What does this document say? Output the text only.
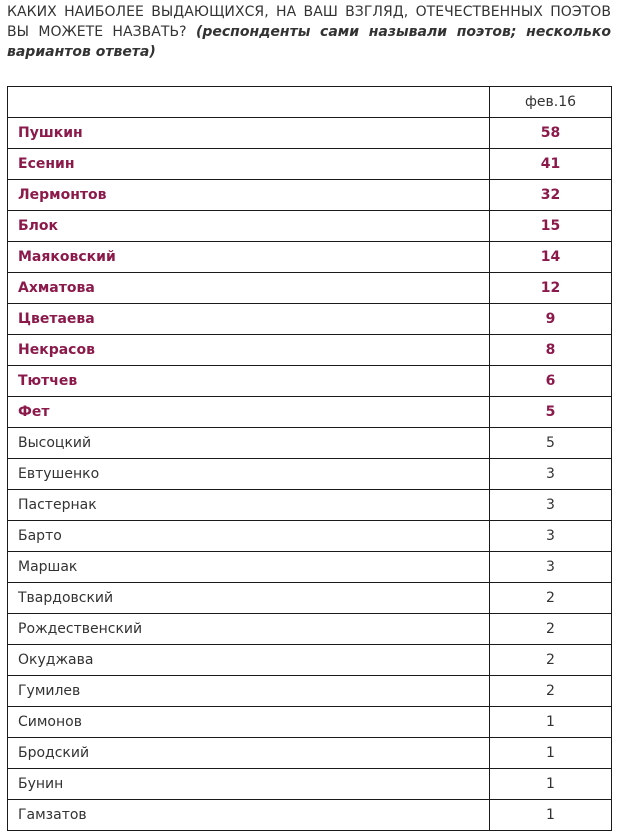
КАКИХ НАИБОЛЕЕ ВЫДАЮЩИХСЯ, НА ВАШ ВЗГЛЯД, ОТЕЧЕСТВЕННЫХ ПОЭТОВ ВЫ МОЖЕТЕ НАЗВАТЬ? (респонденты сами называли поэтов; несколько вариантов ответа)
	фев.16
Пушкин	58
Есенин	41
Лермонтов	32
Блок	15
Маяковский	14
Ахматова	12
Цветаева	9
Некрасов	8
Тютчев	6
Фет	5
Высоцкий	5
Евтушенко	3
Пастернак	3
Барто	3
Маршак	3
Твардовский	2
Рождественский	2
Окуджава	2
Гумилев	2
Симонов	1
Бродский	1
Бунин	1
Гамзатов	1
